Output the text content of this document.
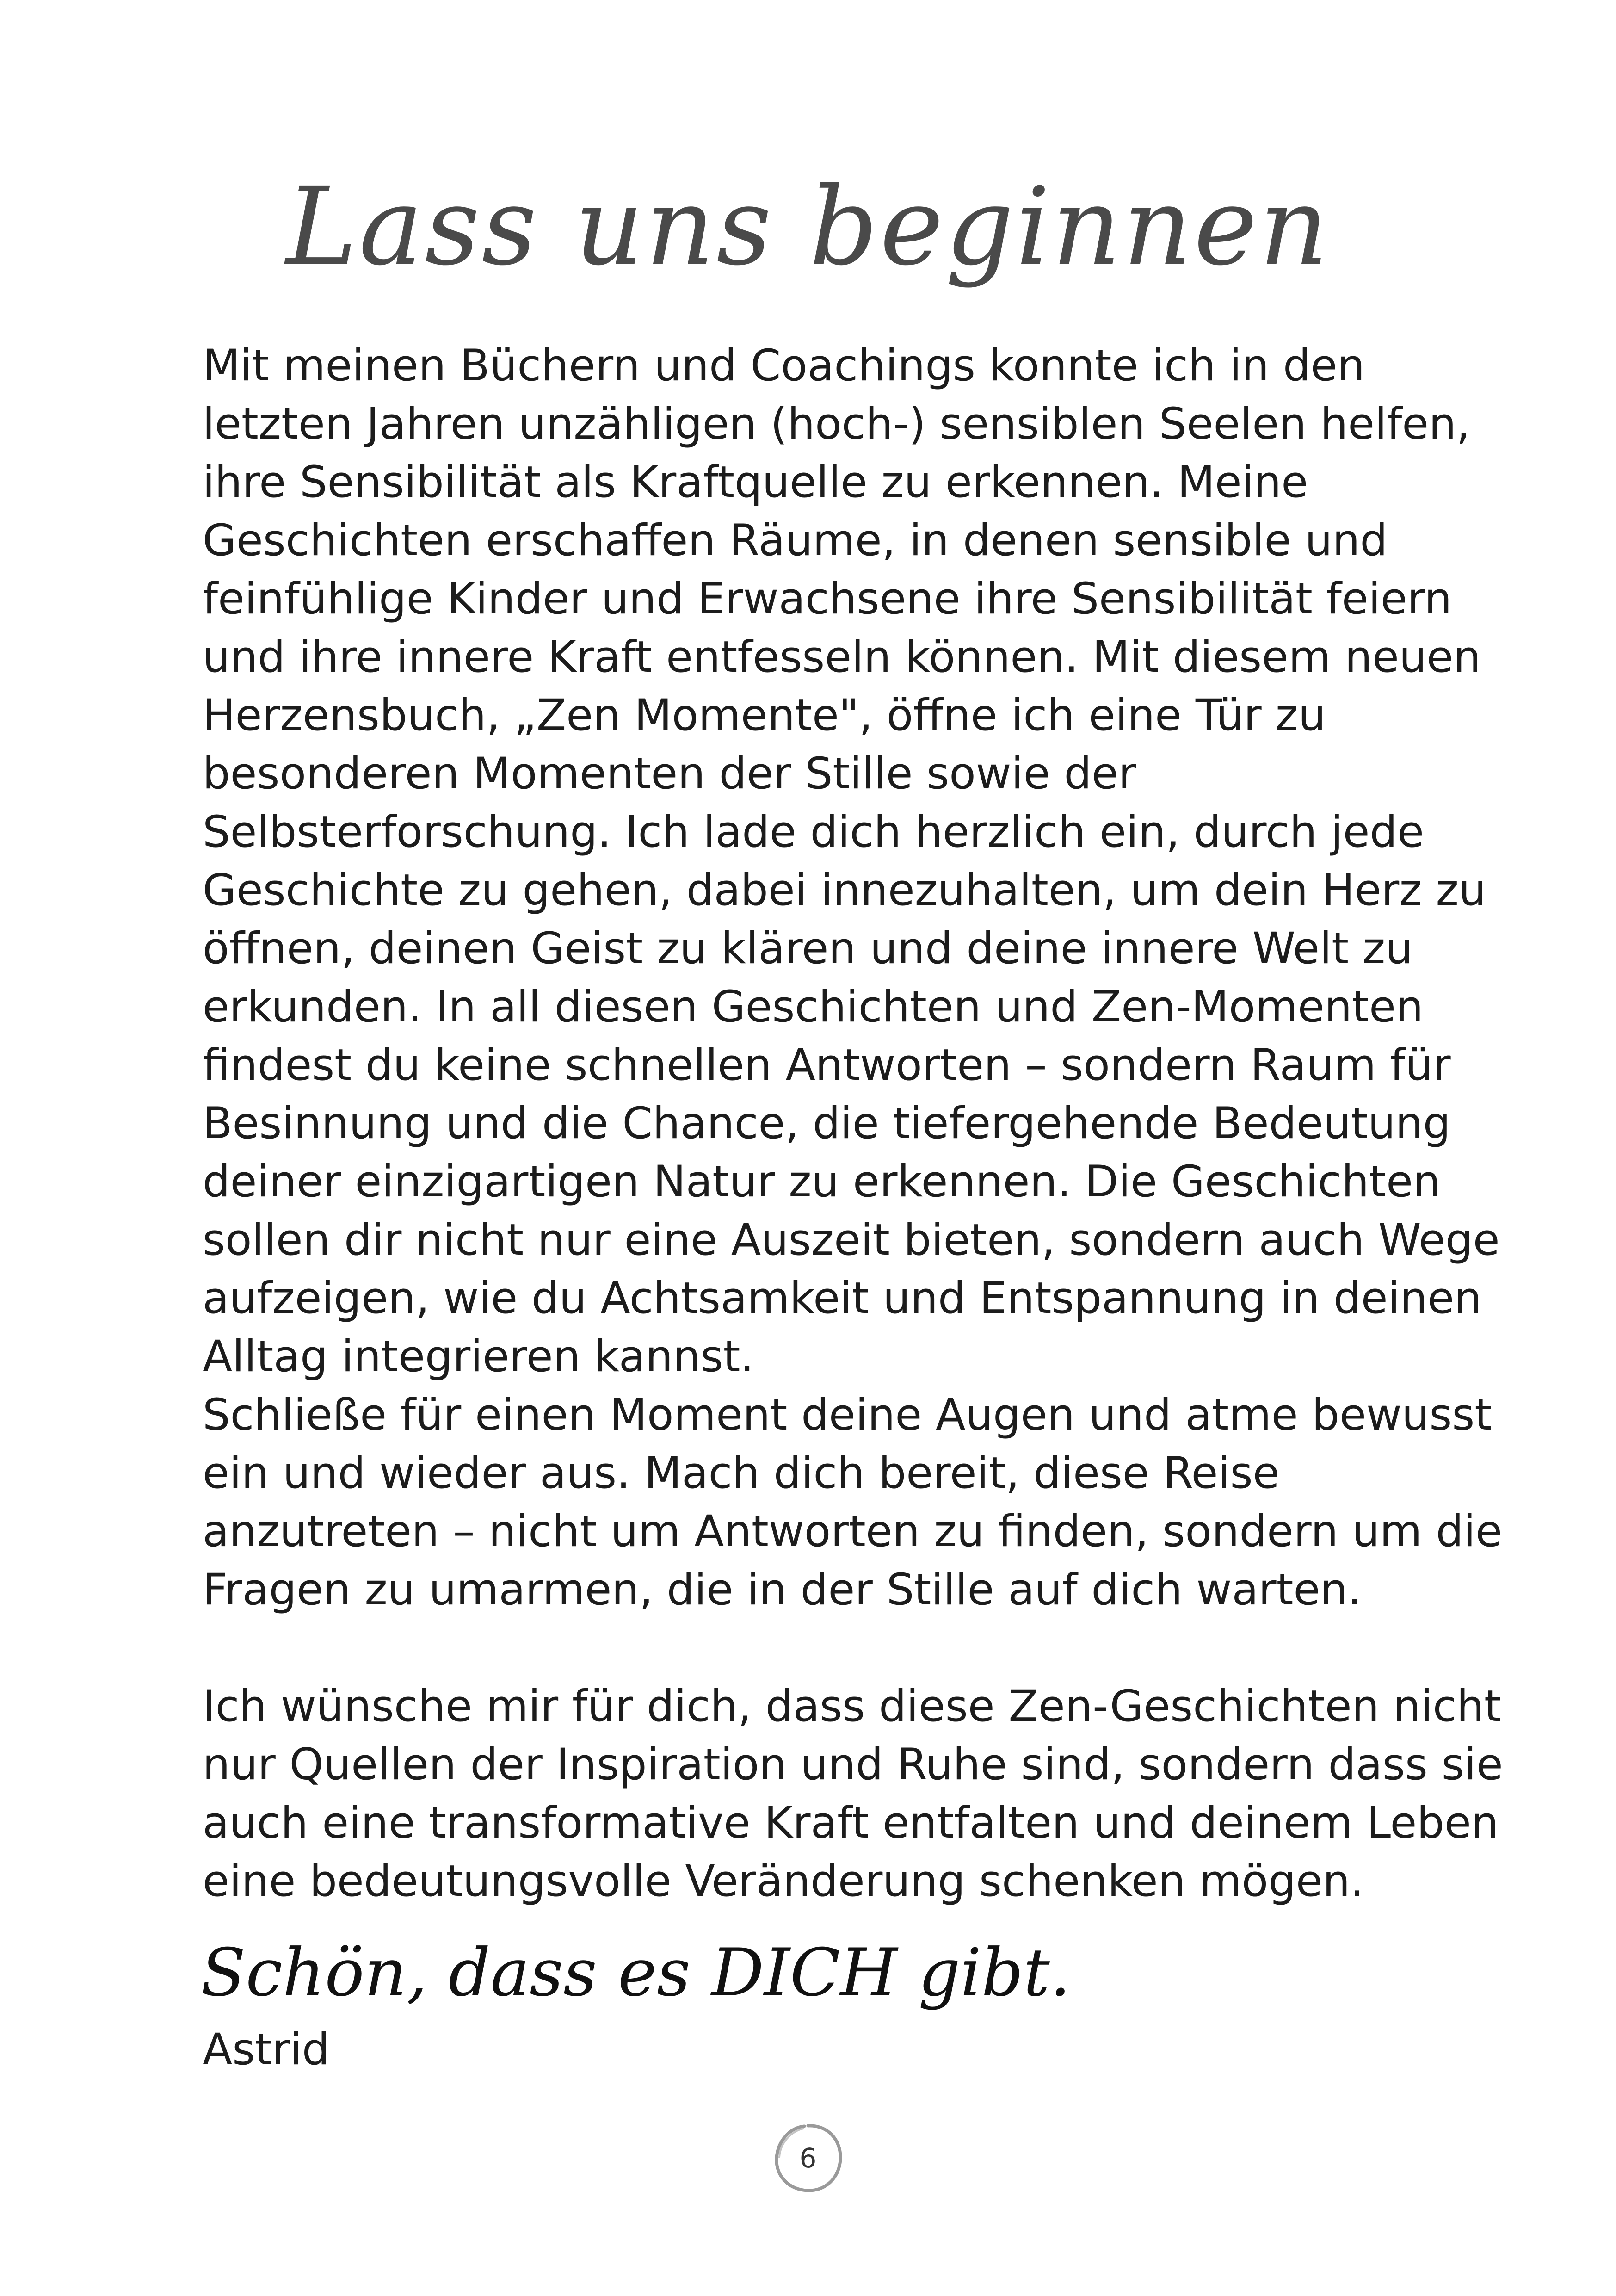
Lass uns beginnen
Mit meinen Büchern und Coachings konnte ich in den
letzten Jahren unzähligen (hoch-) sensiblen Seelen helfen,
ihre Sensibilität als Kraftquelle zu erkennen. Meine
Geschichten erschaffen Räume, in denen sensible und
feinfühlige Kinder und Erwachsene ihre Sensibilität feiern
und ihre innere Kraft entfesseln können. Mit diesem neuen
Herzensbuch, „Zen Momente", öffne ich eine Tür zu
besonderen Momenten der Stille sowie der
Selbsterforschung. Ich lade dich herzlich ein, durch jede
Geschichte zu gehen, dabei innezuhalten, um dein Herz zu
öffnen, deinen Geist zu klären und deine innere Welt zu
erkunden. In all diesen Geschichten und Zen-Momenten
findest du keine schnellen Antworten – sondern Raum für
Besinnung und die Chance, die tiefergehende Bedeutung
deiner einzigartigen Natur zu erkennen. Die Geschichten
sollen dir nicht nur eine Auszeit bieten, sondern auch Wege
aufzeigen, wie du Achtsamkeit und Entspannung in deinen
Alltag integrieren kannst.
Schließe für einen Moment deine Augen und atme bewusst
ein und wieder aus. Mach dich bereit, diese Reise
anzutreten – nicht um Antworten zu finden, sondern um die
Fragen zu umarmen, die in der Stille auf dich warten.
Ich wünsche mir für dich, dass diese Zen-Geschichten nicht
nur Quellen der Inspiration und Ruhe sind, sondern dass sie
auch eine transformative Kraft entfalten und deinem Leben
eine bedeutungsvolle Veränderung schenken mögen.
Schön, dass es DICH gibt.
Astrid
6
